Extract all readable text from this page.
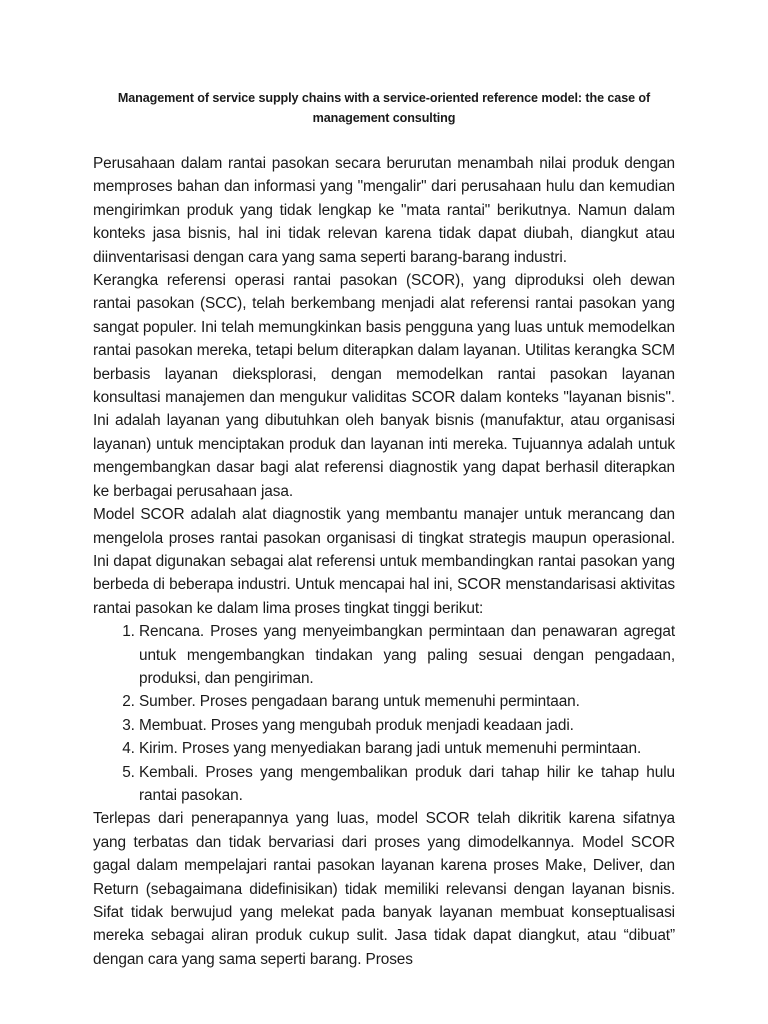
Management of service supply chains with a service-oriented reference model: the case of management consulting

Perusahaan dalam rantai pasokan secara berurutan menambah nilai produk dengan memproses bahan dan informasi yang "mengalir" dari perusahaan hulu dan kemudian mengirimkan produk yang tidak lengkap ke "mata rantai" berikutnya. Namun dalam konteks jasa bisnis, hal ini tidak relevan karena tidak dapat diubah, diangkut atau diinventarisasi dengan cara yang sama seperti barang-barang industri.

Kerangka referensi operasi rantai pasokan (SCOR), yang diproduksi oleh dewan rantai pasokan (SCC), telah berkembang menjadi alat referensi rantai pasokan yang sangat populer. Ini telah memungkinkan basis pengguna yang luas untuk memodelkan rantai pasokan mereka, tetapi belum diterapkan dalam layanan. Utilitas kerangka SCM berbasis layanan dieksplorasi, dengan memodelkan rantai pasokan layanan konsultasi manajemen dan mengukur validitas SCOR dalam konteks "layanan bisnis". Ini adalah layanan yang dibutuhkan oleh banyak bisnis (manufaktur, atau organisasi layanan) untuk menciptakan produk dan layanan inti mereka. Tujuannya adalah untuk mengembangkan dasar bagi alat referensi diagnostik yang dapat berhasil diterapkan ke berbagai perusahaan jasa.

Model SCOR adalah alat diagnostik yang membantu manajer untuk merancang dan mengelola proses rantai pasokan organisasi di tingkat strategis maupun operasional. Ini dapat digunakan sebagai alat referensi untuk membandingkan rantai pasokan yang berbeda di beberapa industri. Untuk mencapai hal ini, SCOR menstandarisasi aktivitas rantai pasokan ke dalam lima proses tingkat tinggi berikut:

1. Rencana. Proses yang menyeimbangkan permintaan dan penawaran agregat untuk mengembangkan tindakan yang paling sesuai dengan pengadaan, produksi, dan pengiriman.
2. Sumber. Proses pengadaan barang untuk memenuhi permintaan.
3. Membuat. Proses yang mengubah produk menjadi keadaan jadi.
4. Kirim. Proses yang menyediakan barang jadi untuk memenuhi permintaan.
5. Kembali. Proses yang mengembalikan produk dari tahap hilir ke tahap hulu rantai pasokan.

Terlepas dari penerapannya yang luas, model SCOR telah dikritik karena sifatnya yang terbatas dan tidak bervariasi dari proses yang dimodelkannya. Model SCOR gagal dalam mempelajari rantai pasokan layanan karena proses Make, Deliver, dan Return (sebagaimana didefinisikan) tidak memiliki relevansi dengan layanan bisnis. Sifat tidak berwujud yang melekat pada banyak layanan membuat konseptualisasi mereka sebagai aliran produk cukup sulit. Jasa tidak dapat diangkut, atau “dibuat” dengan cara yang sama seperti barang. Proses
